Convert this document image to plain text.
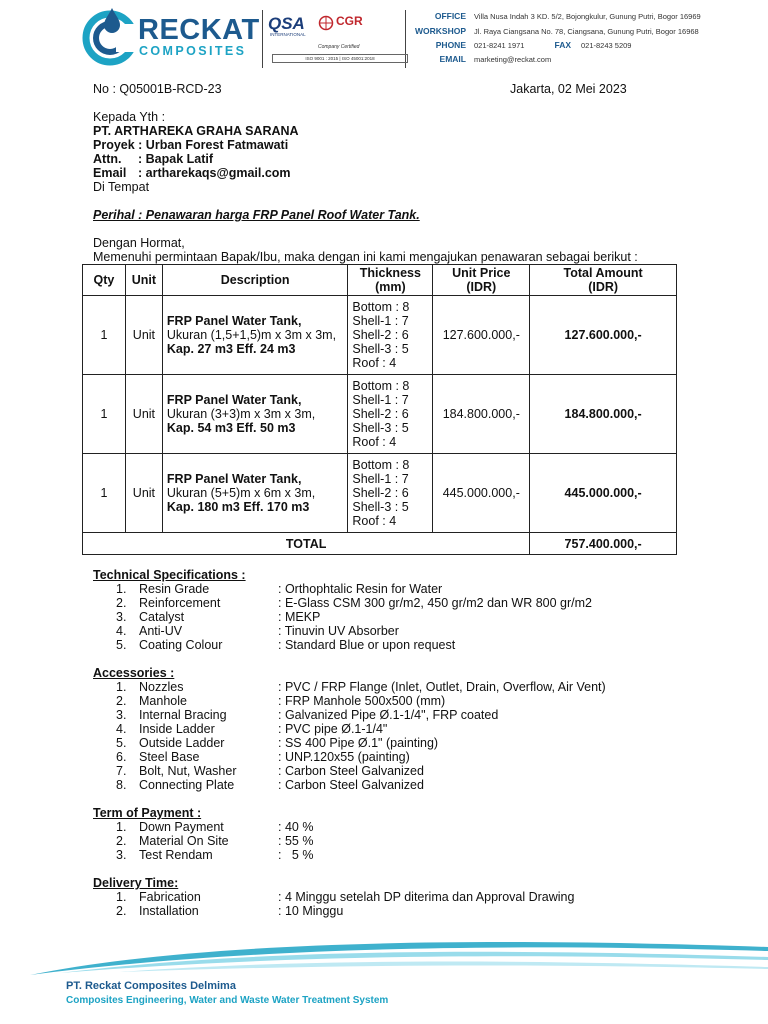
RECKAT
COMPOSITES
QSA
INTERNATIONAL
CGR
Company Certified
ISO 9001 : 2015 | ISO 45001:2018
OFFICE Villa Nusa Indah 3 KD. 5/2, Bojongkulur, Gunung Putri, Bogor 16969
WORKSHOP Jl. Raya Ciangsana No. 78, Ciangsana, Gunung Putri, Bogor 16968
PHONE 021-8241 1971	FAX 021-8243 5209
EMAIL marketing@reckat.com
No : Q05001B-RCD-23	Jakarta, 02 Mei 2023
Kepada Yth :
PT. ARTHAREKA GRAHA SARANA
Proyek : Urban Forest Fatmawati
Attn. : Bapak Latif
Email : artharekaqs@gmail.com
Di Tempat
Perihal : Penawaran harga FRP Panel Roof Water Tank.
Dengan Hormat,
Memenuhi permintaan Bapak/Ibu, maka dengan ini kami mengajukan penawaran sebagai berikut :
Qty	Unit	Description	Thickness
(mm)	Unit Price
(IDR)	Total Amount
(IDR)
1	Unit	FRP Panel Water Tank,
Ukuran (1,5+1,5)m x 3m x 3m,
Kap. 27 m3 Eff. 24 m3	Bottom : 8
Shell-1 : 7
Shell-2 : 6
Shell-3 : 5
Roof : 4	127.600.000,-	127.600.000,-
1	Unit	FRP Panel Water Tank,
Ukuran (3+3)m x 3m x 3m,
Kap. 54 m3 Eff. 50 m3	Bottom : 8
Shell-1 : 7
Shell-2 : 6
Shell-3 : 5
Roof : 4	184.800.000,-	184.800.000,-
1	Unit	FRP Panel Water Tank,
Ukuran (5+5)m x 6m x 3m,
Kap. 180 m3 Eff. 170 m3	Bottom : 8
Shell-1 : 7
Shell-2 : 6
Shell-3 : 5
Roof : 4	445.000.000,-	445.000.000,-
TOTAL					757.400.000,-
Technical Specifications :
1. Resin Grade	: Orthophtalic Resin for Water
2. Reinforcement	: E-Glass CSM 300 gr/m2, 450 gr/m2 dan WR 800 gr/m2
3. Catalyst	: MEKP
4. Anti-UV	: Tinuvin UV Absorber
5. Coating Colour	: Standard Blue or upon request
Accessories :
1. Nozzles	: PVC / FRP Flange (Inlet, Outlet, Drain, Overflow, Air Vent)
2. Manhole	: FRP Manhole 500x500 (mm)
3. Internal Bracing	: Galvanized Pipe Ø.1-1/4", FRP coated
4. Inside Ladder	: PVC pipe Ø.1-1/4"
5. Outside Ladder	: SS 400 Pipe Ø.1" (painting)
6. Steel Base	: UNP.120x55 (painting)
7. Bolt, Nut, Washer	: Carbon Steel Galvanized
8. Connecting Plate	: Carbon Steel Galvanized
Term of Payment :
1. Down Payment	: 40 %
2. Material On Site	: 55 %
3. Test Rendam	:   5 %
Delivery Time:
1. Fabrication	: 4 Minggu setelah DP diterima dan Approval Drawing
2. Installation	: 10 Minggu
PT. Reckat Composites Delmima
Composites Engineering, Water and Waste Water Treatment System
